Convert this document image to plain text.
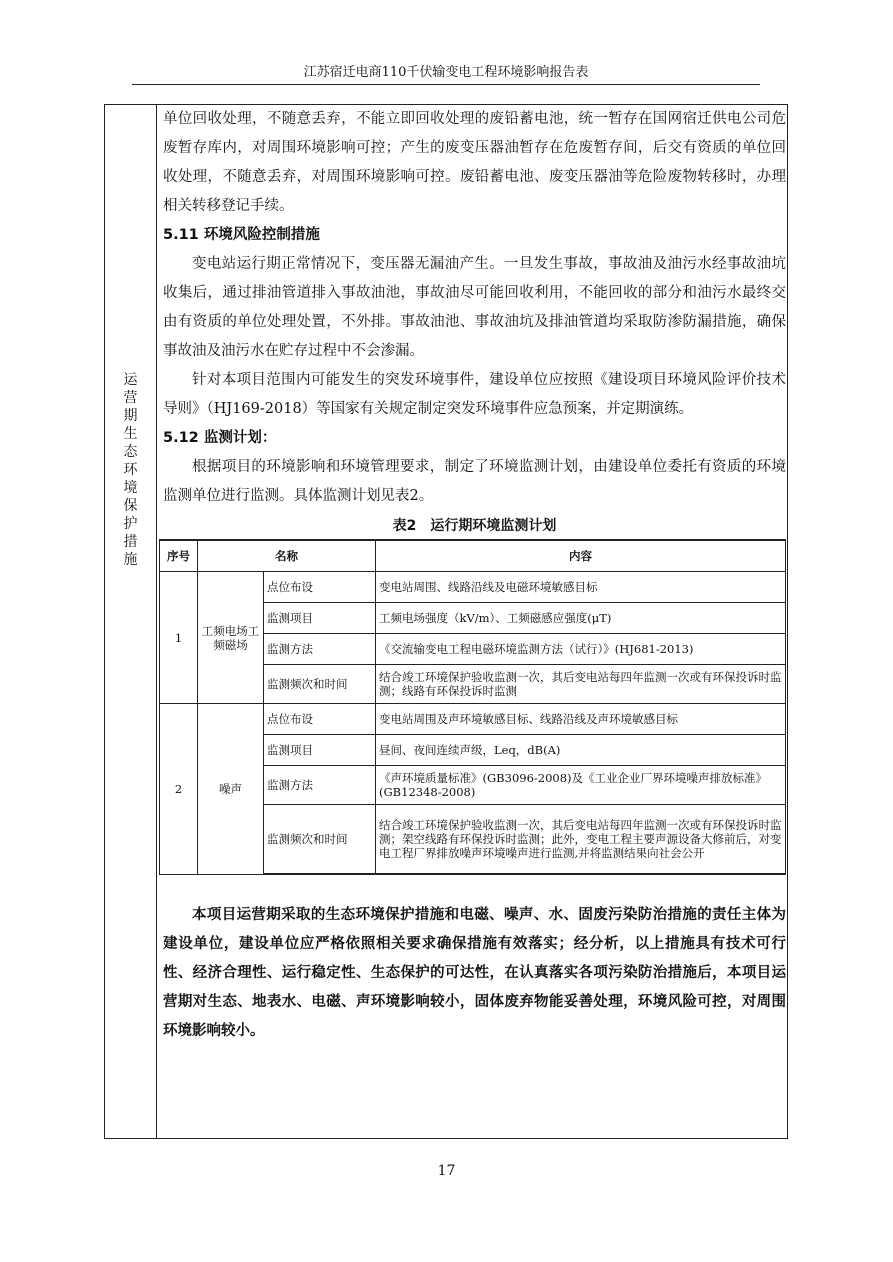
江苏宿迁电商110千伏输变电工程环境影响报告表
运营期生态环境保护措施

单位回收处理，不随意丢弃，不能立即回收处理的废铅蓄电池，统一暂存在国网宿迁供电公司危废暂存库内，对周围环境影响可控；产生的废变压器油暂存在危废暂存间，后交有资质的单位回收处理，不随意丢弃，对周围环境影响可控。废铅蓄电池、废变压器油等危险废物转移时，办理相关转移登记手续。

5.11 环境风险控制措施

变电站运行期正常情况下，变压器无漏油产生。一旦发生事故，事故油及油污水经事故油坑收集后，通过排油管道排入事故油池，事故油尽可能回收利用，不能回收的部分和油污水最终交由有资质的单位处理处置，不外排。事故油池、事故油坑及排油管道均采取防渗防漏措施，确保事故油及油污水在贮存过程中不会渗漏。

针对本项目范围内可能发生的突发环境事件，建设单位应按照《建设项目环境风险评价技术导则》（HJ169-2018）等国家有关规定制定突发环境事件应急预案，并定期演练。

5.12 监测计划：

根据项目的环境影响和环境管理要求，制定了环境监测计划，由建设单位委托有资质的环境监测单位进行监测。具体监测计划见表2。

表2　运行期环境监测计划
序号	名称		内容
1	工频电场工频磁场	点位布设	变电站周围、线路沿线及电磁环境敏感目标
		监测项目	工频电场强度（kV/m）、工频磁感应强度(μT)
		监测方法	《交流输变电工程电磁环境监测方法（试行）》(HJ681-2013)
		监测频次和时间	结合竣工环境保护验收监测一次，其后变电站每四年监测一次或有环保投诉时监测；线路有环保投诉时监测
2	噪声	点位布设	变电站周围及声环境敏感目标、线路沿线及声环境敏感目标
		监测项目	昼间、夜间连续声级，Leq，dB(A)
		监测方法	《声环境质量标准》(GB3096-2008)及《工业企业厂界环境噪声排放标准》(GB12348-2008)
		监测频次和时间	结合竣工环境保护验收监测一次，其后变电站每四年监测一次或有环保投诉时监测；架空线路有环保投诉时监测；此外，变电工程主要声源设备大修前后，对变电工程厂界排放噪声环境噪声进行监测,并将监测结果向社会公开

本项目运营期采取的生态环境保护措施和电磁、噪声、水、固废污染防治措施的责任主体为建设单位，建设单位应严格依照相关要求确保措施有效落实；经分析，以上措施具有技术可行性、经济合理性、运行稳定性、生态保护的可达性，在认真落实各项污染防治措施后，本项目运营期对生态、地表水、电磁、声环境影响较小，固体废弃物能妥善处理，环境风险可控，对周围环境影响较小。

17
